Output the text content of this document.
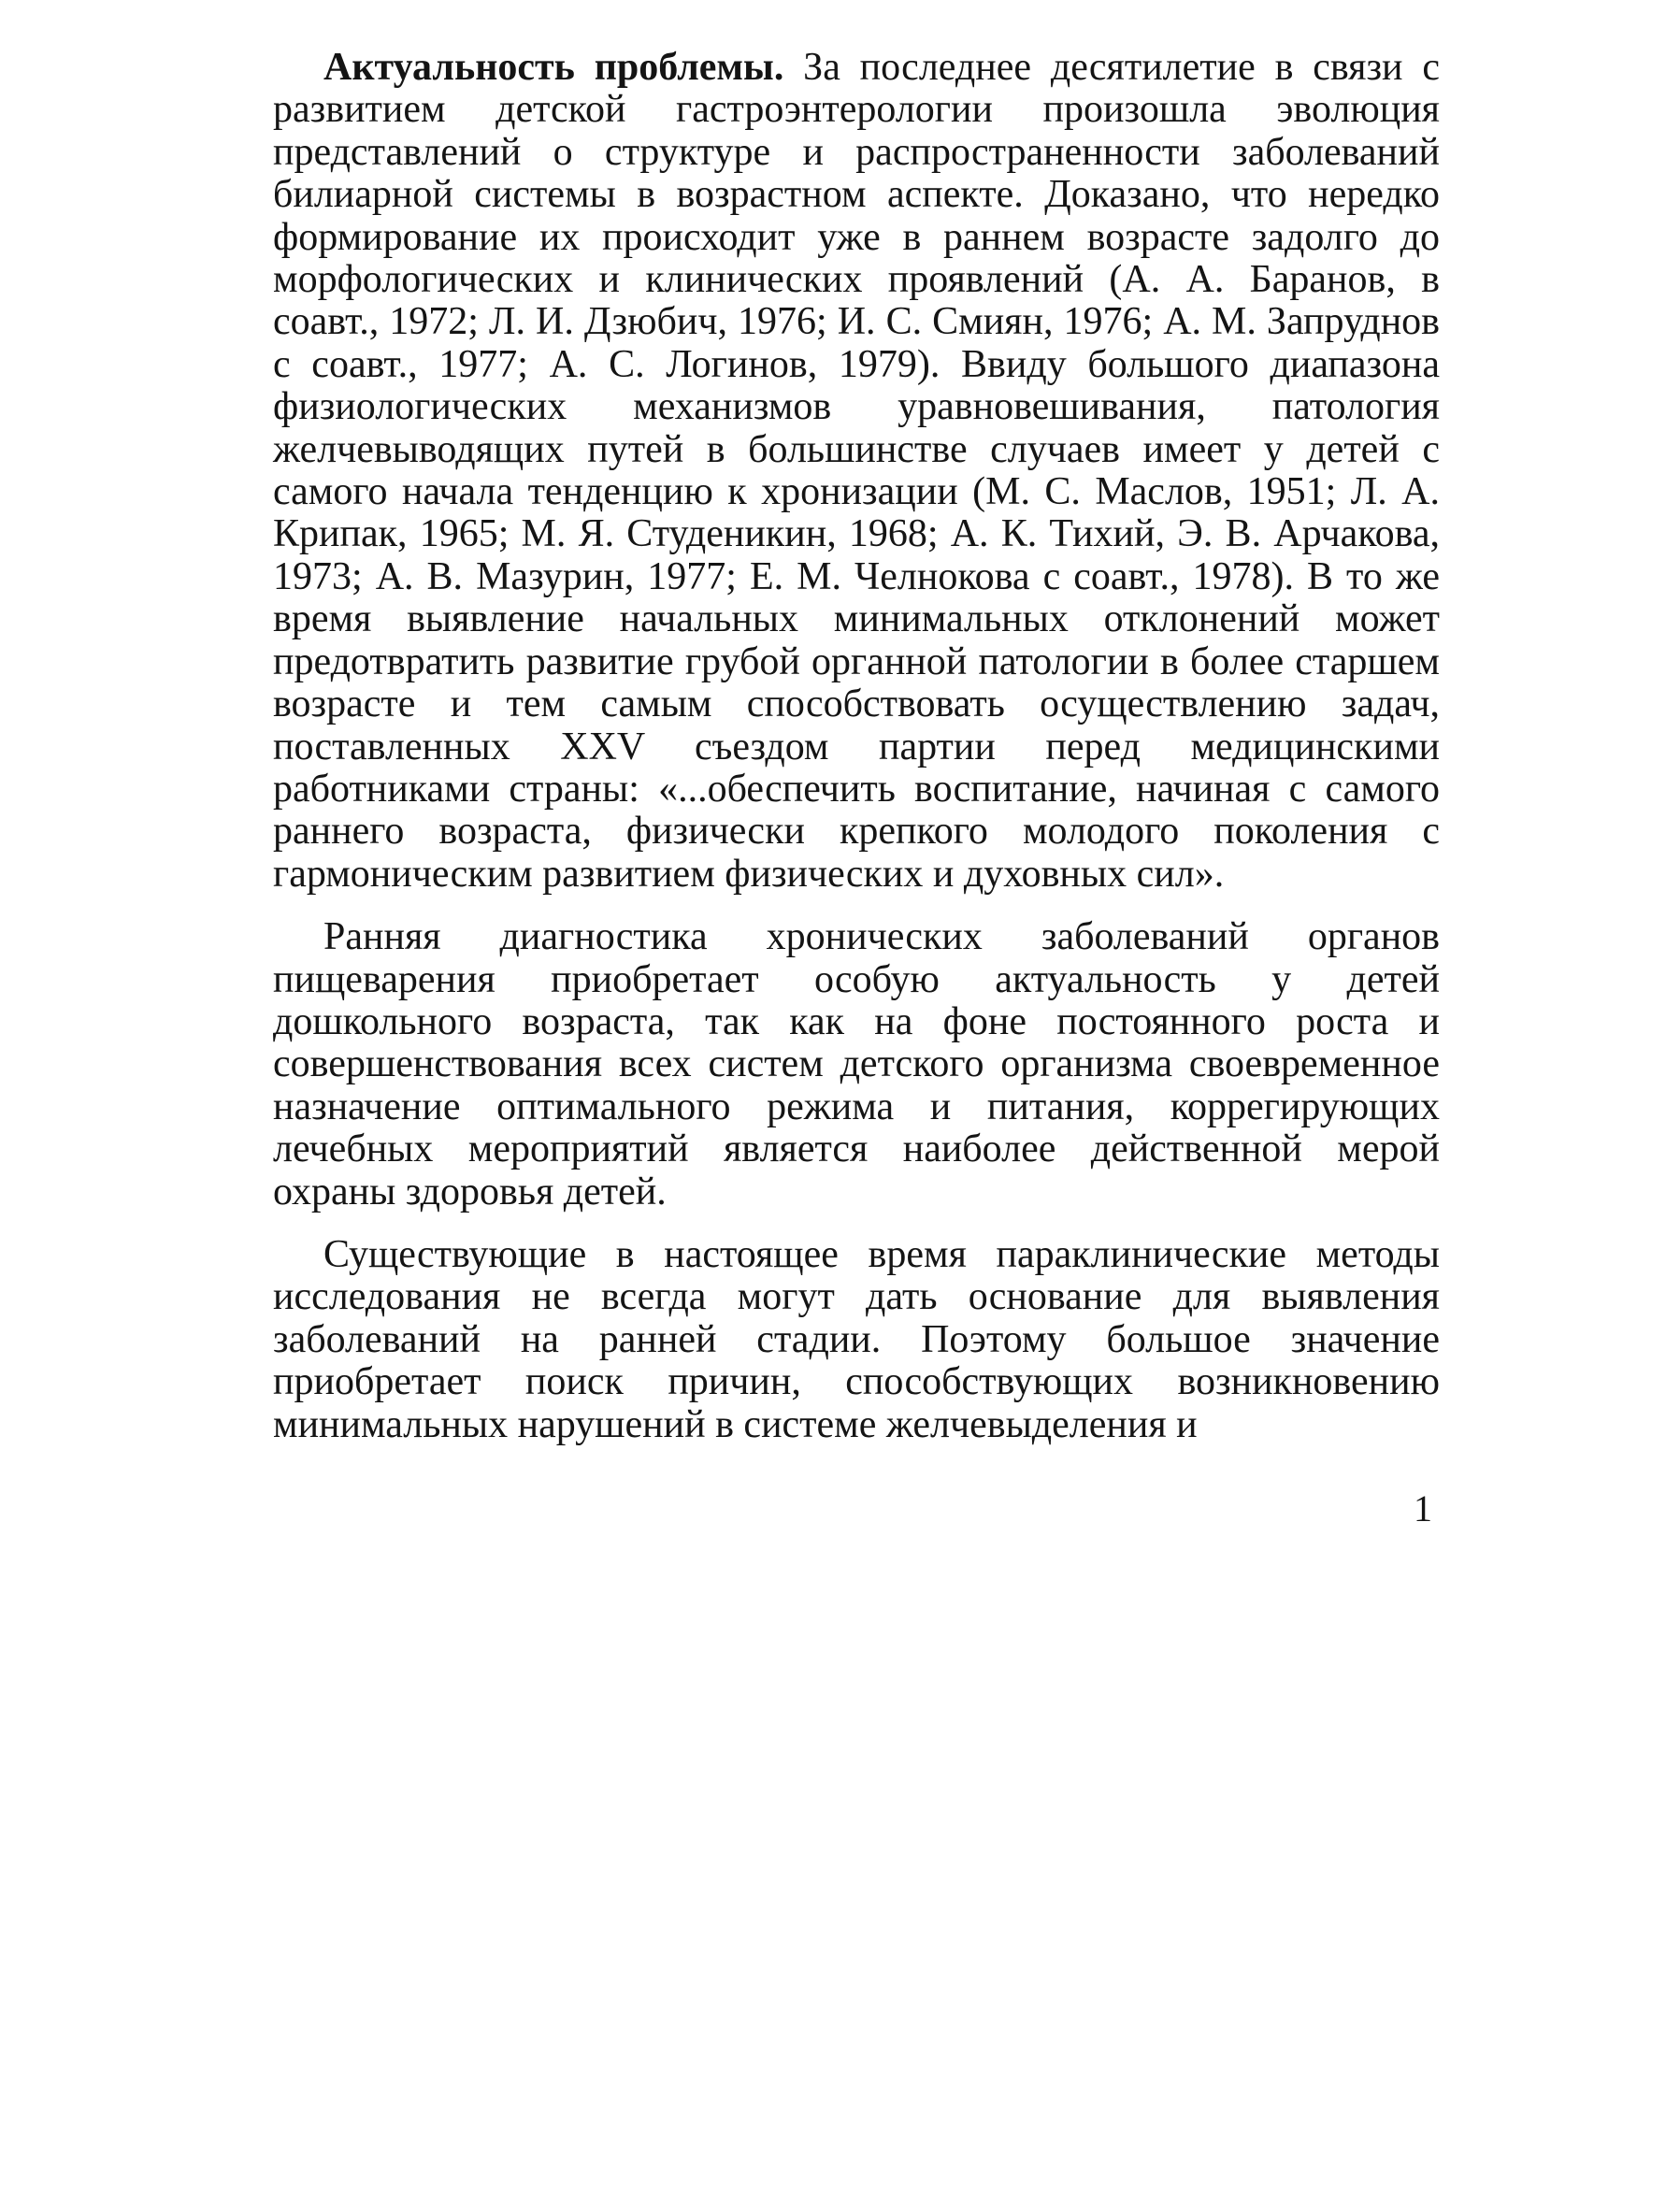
Актуальность проблемы. За последнее десятилетие в связи с развитием детской гастроэнтерологии произошла эволюция представлений о структуре и распространенности заболеваний билиарной системы в возрастном аспекте. Доказано, что нередко формирование их происходит уже в раннем возрасте задолго до морфологических и клинических проявлений (А. А. Баранов, в соавт., 1972; Л. И. Дзюбич, 1976; И. С. Смиян, 1976; А. М. Запруднов с соавт., 1977; А. С. Логинов, 1979). Ввиду большого диапазона физиологических механизмов уравновешивания, патология желчевыводящих путей в большинстве случаев имеет у детей с самого начала тенденцию к хронизации (М. С. Маслов, 1951; Л. А. Крипак, 1965; М. Я. Студеникин, 1968; А. К. Тихий, Э. В. Арчакова, 1973; А. В. Мазурин, 1977; Е. М. Челнокова с соавт., 1978). В то же время выявление начальных минимальных отклонений может предотвратить развитие грубой органной патологии в более старшем возрасте и тем самым способствовать осуществлению задач, поставленных XXV съездом партии перед медицинскими работниками страны: «...обеспечить воспитание, начиная с самого раннего возраста, физически крепкого молодого поколения с гармоническим развитием физических и духовных сил».

Ранняя диагностика хронических заболеваний органов пищеварения приобретает особую актуальность у детей дошкольного возраста, так как на фоне постоянного роста и совершенствования всех систем детского организма своевременное назначение оптимального режима и питания, коррегирующих лечебных мероприятий является наиболее действенной мерой охраны здоровья детей.

Существующие в настоящее время параклинические методы исследования не всегда могут дать основание для выявления заболеваний на ранней стадии. Поэтому большое значение приобретает поиск причин, способствующих возникновению минимальных нарушений в системе желчевыделения и

1
